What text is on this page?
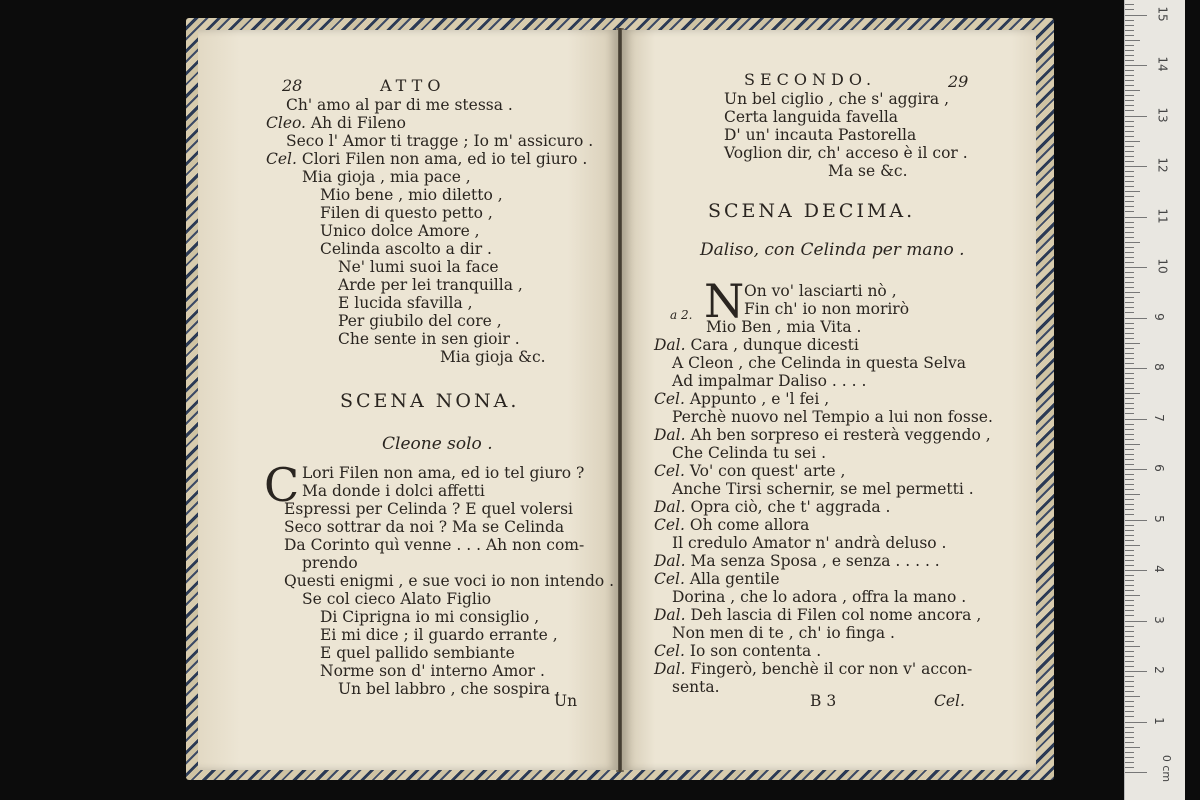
28	ATTO
Ch' amo al par di me stessa .
Cleo. Ah di Fileno
Seco l' Amor ti tragge ; Io m' assicuro .
Cel. Clori Filen non ama, ed io tel giuro .
Mia gioja , mia pace ,
Mio bene , mio diletto ,
Filen di questo petto ,
Unico dolce Amore ,
Celinda ascolto a dir .
Ne' lumi suoi la face
Arde per lei tranquilla ,
E lucida sfavilla ,
Per giubilo del core ,
Che sente in sen gioir .
Mia gioja &c.
SCENA NONA.
Cleone solo .
C Lori Filen non ama, ed io tel giuro ?
Ma donde i dolci affetti
Espressi per Celinda ? E quel volersi
Seco sottrar da noi ? Ma se Celinda
Da Corinto quì venne . . . Ah non com-
prendo
Questi enigmi , e sue voci io non intendo .
Se col cieco Alato Figlio
Di Ciprigna io mi consiglio ,
Ei mi dice ; il guardo errante ,
E quel pallido sembiante
Norme son d' interno Amor .
Un bel labbro , che sospira ,
Un
SECONDO.	29
Un bel ciglio , che s' aggira ,
Certa languida favella
D' un' incauta Pastorella
Voglion dir, ch' acceso è il cor .
Ma se &c.
SCENA DECIMA.
Daliso, con Celinda per mano .
a 2. N On vo' lasciarti nò ,
Fin ch' io non morirò
Mio Ben , mia Vita .
Dal. Cara , dunque dicesti
A Cleon , che Celinda in questa Selva
Ad impalmar Daliso . . . .
Cel. Appunto , e 'l fei ,
Perchè nuovo nel Tempio a lui non fosse.
Dal. Ah ben sorpreso ei resterà veggendo ,
Che Celinda tu sei .
Cel. Vo' con quest' arte ,
Anche Tirsi schernir, se mel permetti .
Dal. Opra ciò, che t' aggrada .
Cel. Oh come allora
Il credulo Amator n' andrà deluso .
Dal. Ma senza Sposa , e senza . . . . .
Cel. Alla gentile
Dorina , che lo adora , offra la mano .
Dal. Deh lascia di Filen col nome ancora ,
Non men di te , ch' io finga .
Cel. Io son contenta .
Dal. Fingerò, benchè il cor non v' accon-
senta.
B 3	Cel.
0 cm
1
2
3
4
5
6
7
8
9
10
11
12
13
14
15
